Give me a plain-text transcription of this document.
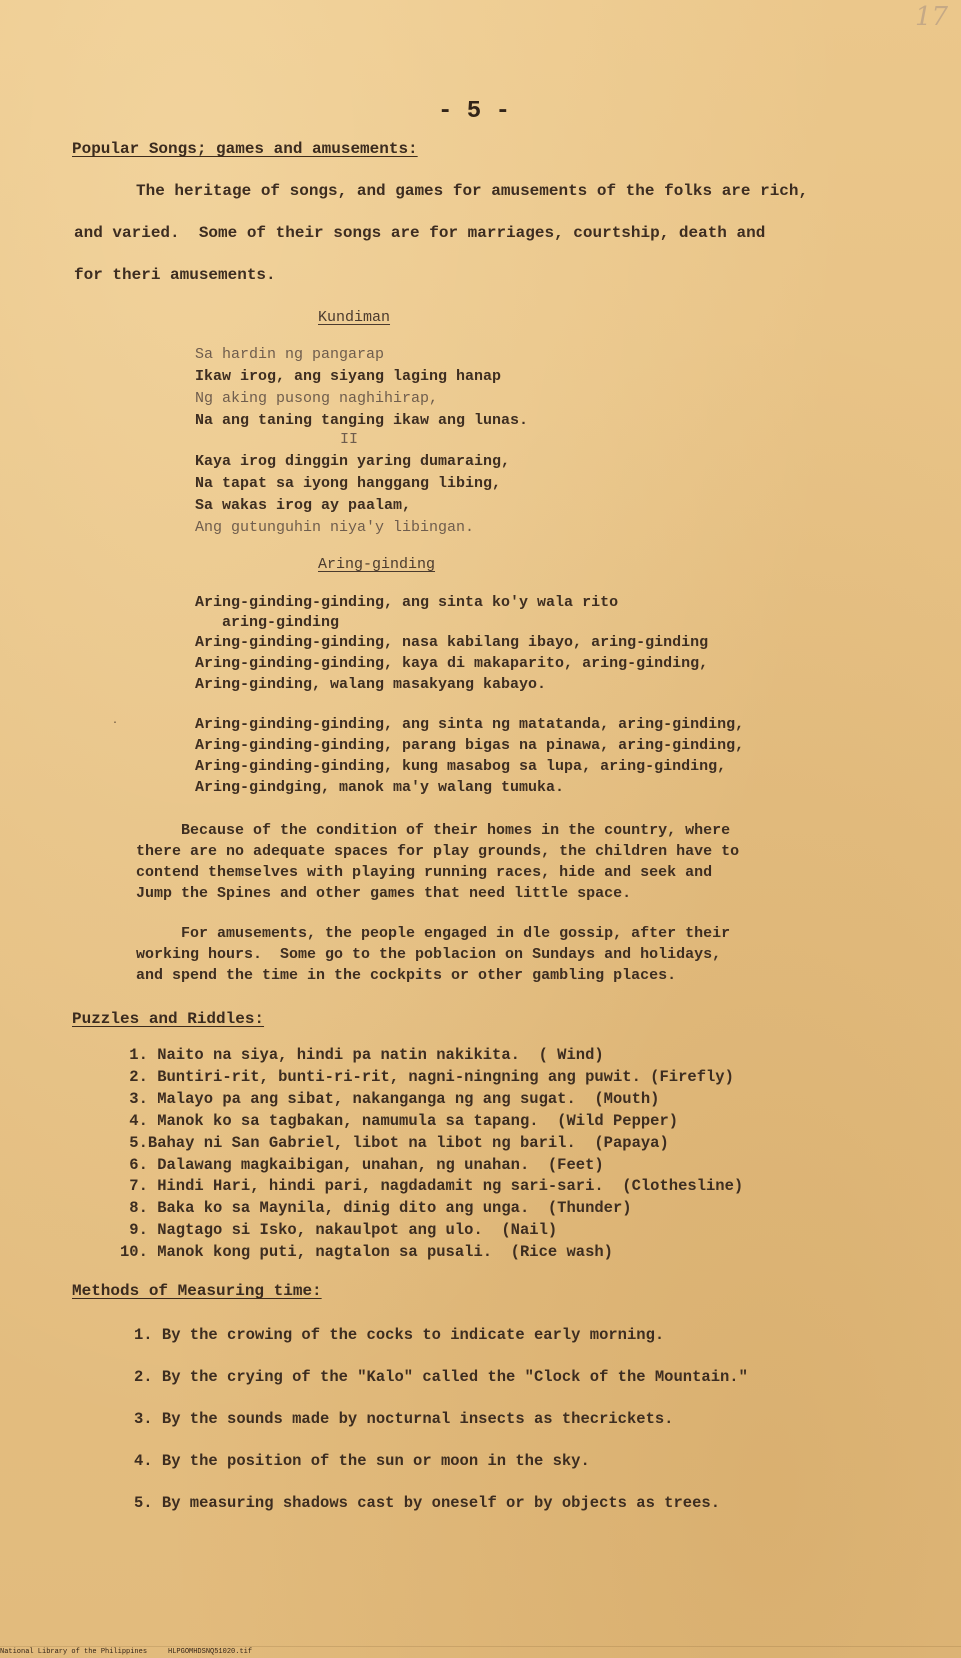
17
- 5 -
Popular Songs; games and amusements:
The heritage of songs, and games for amusements of the folks are rich,
and varied.  Some of their songs are for marriages, courtship, death and
for theri amusements.
Kundiman
Sa hardin ng pangarap
Ikaw irog, ang siyang laging hanap
Ng aking pusong naghihirap,
Na ang taning tanging ikaw ang lunas.
II
Kaya irog dinggin yaring dumaraing,
Na tapat sa iyong hanggang libing,
Sa wakas irog ay paalam,
Ang gutunguhin niya'y libingan.
Aring-ginding
Aring-ginding-ginding, ang sinta ko'y wala rito
aring-ginding
Aring-ginding-ginding, nasa kabilang ibayo, aring-ginding
Aring-ginding-ginding, kaya di makaparito, aring-ginding,
Aring-ginding, walang masakyang kabayo.
.	Aring-ginding-ginding, ang sinta ng matatanda, aring-ginding,
Aring-ginding-ginding, parang bigas na pinawa, aring-ginding,
Aring-ginding-ginding, kung masabog sa lupa, aring-ginding,
Aring-gindging, manok ma'y walang tumuka.
Because of the condition of their homes in the country, where
there are no adequate spaces for play grounds, the children have to
contend themselves with playing running races, hide and seek and
Jump the Spines and other games that need little space.
For amusements, the people engaged in dle gossip, after their
working hours.  Some go to the poblacion on Sundays and holidays,
and spend the time in the cockpits or other gambling places.
Puzzles and Riddles:
1. Naito na siya, hindi pa natin nakikita.  ( Wind)
2. Buntiri-rit, bunti-ri-rit, nagni-ningning ang puwit. (Firefly)
3. Malayo pa ang sibat, nakanganga ng ang sugat.  (Mouth)
4. Manok ko sa tagbakan, namumula sa tapang.  (Wild Pepper)
5.Bahay ni San Gabriel, libot na libot ng baril.  (Papaya)
6. Dalawang magkaibigan, unahan, ng unahan.  (Feet)
7. Hindi Hari, hindi pari, nagdadamit ng sari-sari.  (Clothesline)
8. Baka ko sa Maynila, dinig dito ang unga.  (Thunder)
9. Nagtago si Isko, nakaulpot ang ulo.  (Nail)
10. Manok kong puti, nagtalon sa pusali.  (Rice wash)
Methods of Measuring time:
1. By the crowing of the cocks to indicate early morning.
2. By the crying of the "Kalo" called the "Clock of the Mountain."
3. By the sounds made by nocturnal insects as thecrickets.
4. By the position of the sun or moon in the sky.
5. By measuring shadows cast by oneself or by objects as trees.
National Library of the Philippines     HLPGOMHDSNQ51020.tif
